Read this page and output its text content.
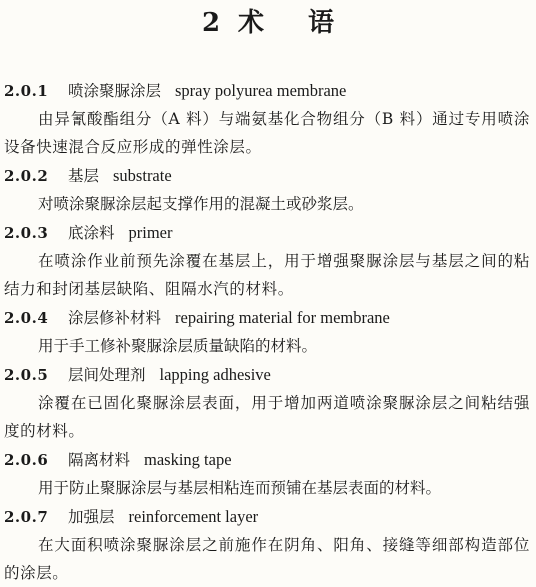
2 术 语
2.0.1 喷涂聚脲涂层 spray polyurea membrane
由异氰酸酯组分（A 料）与端氨基化合物组分（B 料）通过专用喷涂设备快速混合反应形成的弹性涂层。
2.0.2 基层 substrate
对喷涂聚脲涂层起支撑作用的混凝土或砂浆层。
2.0.3 底涂料 primer
在喷涂作业前预先涂覆在基层上，用于增强聚脲涂层与基层之间的粘结力和封闭基层缺陷、阻隔水汽的材料。
2.0.4 涂层修补材料 repairing material for membrane
用于手工修补聚脲涂层质量缺陷的材料。
2.0.5 层间处理剂 lapping adhesive
涂覆在已固化聚脲涂层表面，用于增加两道喷涂聚脲涂层之间粘结强度的材料。
2.0.6 隔离材料 masking tape
用于防止聚脲涂层与基层相粘连而预铺在基层表面的材料。
2.0.7 加强层 reinforcement layer
在大面积喷涂聚脲涂层之前施作在阴角、阳角、接缝等细部构造部位的涂层。
